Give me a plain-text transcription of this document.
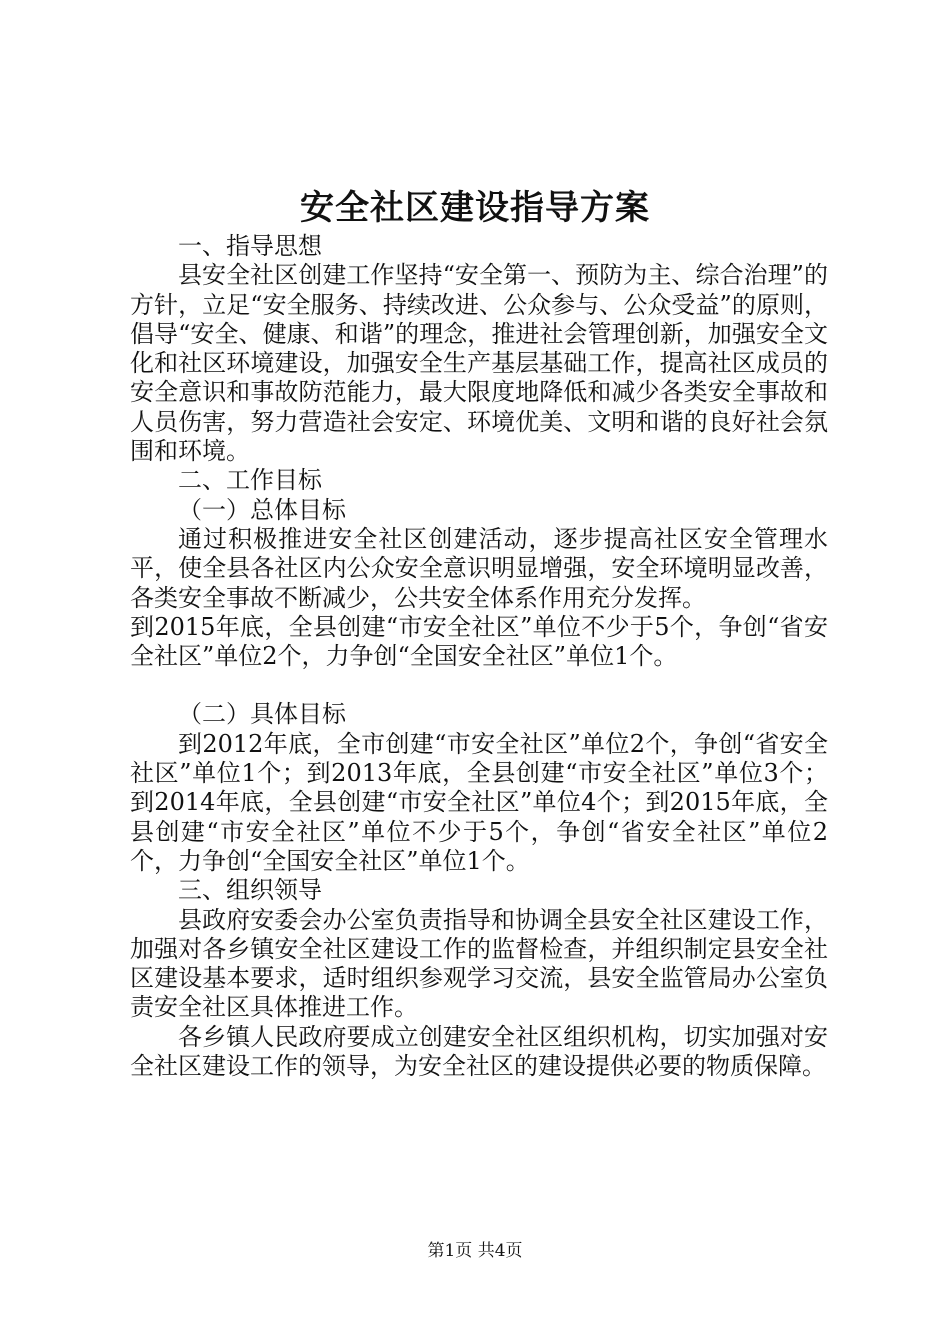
安全社区建设指导方案

一、指导思想

县安全社区创建工作坚持“安全第一、预防为主、综合治理”的方针，立足“安全服务、持续改进、公众参与、公众受益”的原则，倡导“安全、健康、和谐”的理念，推进社会管理创新，加强安全文化和社区环境建设，加强安全生产基层基础工作，提高社区成员的安全意识和事故防范能力，最大限度地降低和减少各类安全事故和人员伤害，努力营造社会安定、环境优美、文明和谐的良好社会氛围和环境。

二、工作目标

（一）总体目标

通过积极推进安全社区创建活动，逐步提高社区安全管理水平，使全县各社区内公众安全意识明显增强，安全环境明显改善，各类安全事故不断减少，公共安全体系作用充分发挥。

到2015年底，全县创建“市安全社区”单位不少于5个，争创“省安全社区”单位2个，力争创“全国安全社区”单位1个。

（二）具体目标

到2012年底，全市创建“市安全社区”单位2个，争创“省安全社区”单位1个；到2013年底，全县创建“市安全社区”单位3个；到2014年底，全县创建“市安全社区”单位4个；到2015年底，全县创建“市安全社区”单位不少于5个，争创“省安全社区”单位2个，力争创“全国安全社区”单位1个。

三、组织领导

县政府安委会办公室负责指导和协调全县安全社区建设工作，加强对各乡镇安全社区建设工作的监督检查，并组织制定县安全社区建设基本要求，适时组织参观学习交流，县安全监管局办公室负责安全社区具体推进工作。

各乡镇人民政府要成立创建安全社区组织机构，切实加强对安全社区建设工作的领导，为安全社区的建设提供必要的物质保障。

第1页 共4页
